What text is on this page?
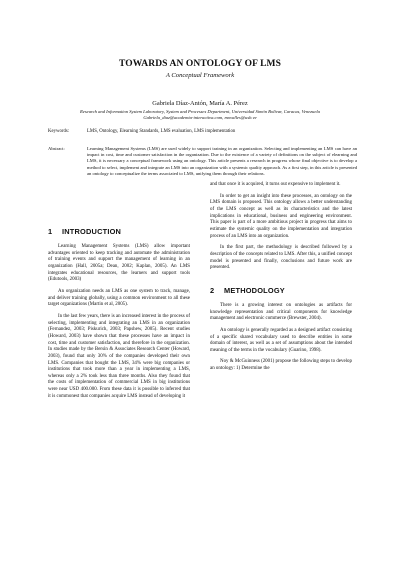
TOWARDS AN ONTOLOGY OF LMS
A Conceptual Framework
Gabriela Díaz-Antón, María A. Pérez
Research and Information System Laboratory, System and Processes Department, Universidad Simón Bolívar, Caracas, Venezuela
Gabriela_diaz@academia-interactiva.com, movalles@usb.ve
Keywords:	LMS, Ontology, Elearning Standards, LMS evaluation, LMS implementation
Abstract:	Learning Management Systems (LMS) are used widely to support training in an organization. Selecting and implementing an LMS can have an impact in cost, time and customer satisfaction in the organization. Due to the existence of a variety of definitions on the subject of elearning and LMS, it is necessary a conceptual framework using an ontology. This article presents a research in progress whose final objective is to develop a method to select, implement and integrate an LMS into an organization with a systemic quality approach. As a first step, in this article is presented an ontology to conceptualize the terms associated to LMS, unifying them through their relations.
1 INTRODUCTION

Learning Management Systems (LMS) allow important advantages oriented to keep tracking and automate the administration of training events and support the management of learning in an organization (Hall, 2005a; Dean, 2002; Kaplan, 2005). An LMS integrates educational resources, the learners and support tools (Edutools, 2003)

An organization needs an LMS as one system to track, manage, and deliver training globally, using a common environment to all these target organizations (Martin et al, 2005).

In the last few years, there is an increased interest in the process of selecting, implementing and integrating an LMS in an organization (Fernandez, 2003; Piskurich, 2003; Papshew, 2005). Recent studies (Howard, 2003) have shown that these processes have an impact in cost, time and customer satisfaction, and therefore in the organization. In studies made by the Bersin & Associates Research Center (Howard, 2003), found that only 30% of the companies developed their own LMS. Companies that bought the LMS, 34% were big companies or institutions that took more than a year in implementing a LMS, whereas only a 2% took less than three months. Also they found that the costs of implementation of commercial LMS in big institutions were near USD 400.000. From these data it is possible to inferred that it is commonest that companies acquire LMS instead of developing it

and that once it is acquired, it turns out expensive to implement it.

In order to get an insight into these processes, an ontology on the LMS domain is proposed. This ontology allows a better understanding of the LMS concept as well as its characteristics and the latest implications in educational, business and engineering environment. This paper is part of a more ambitious project in progress that aims to estimate the systemic quality on the implementation and integration process of an LMS into an organization.

In the first part, the methodology is described followed by a description of the concepts related to LMS. After this, a unified concept model is presented and finally, conclusions and future work are presented.

2 METHODOLOGY

There is a growing interest on ontologies as artifacts for knowledge representation and critical components for knowledge management and electronic commerce (Brewster, 2004).

An ontology is generally regarded as a designed artifact consisting of a specific shared vocabulary used to describe entities in some domain of interest, as well as a set of assumptions about the intended meaning of the terms in the vocabulary (Guarino, 1998).

Noy & McGuinness (2001) propose the following steps to develop an ontology: 1) Determine the
